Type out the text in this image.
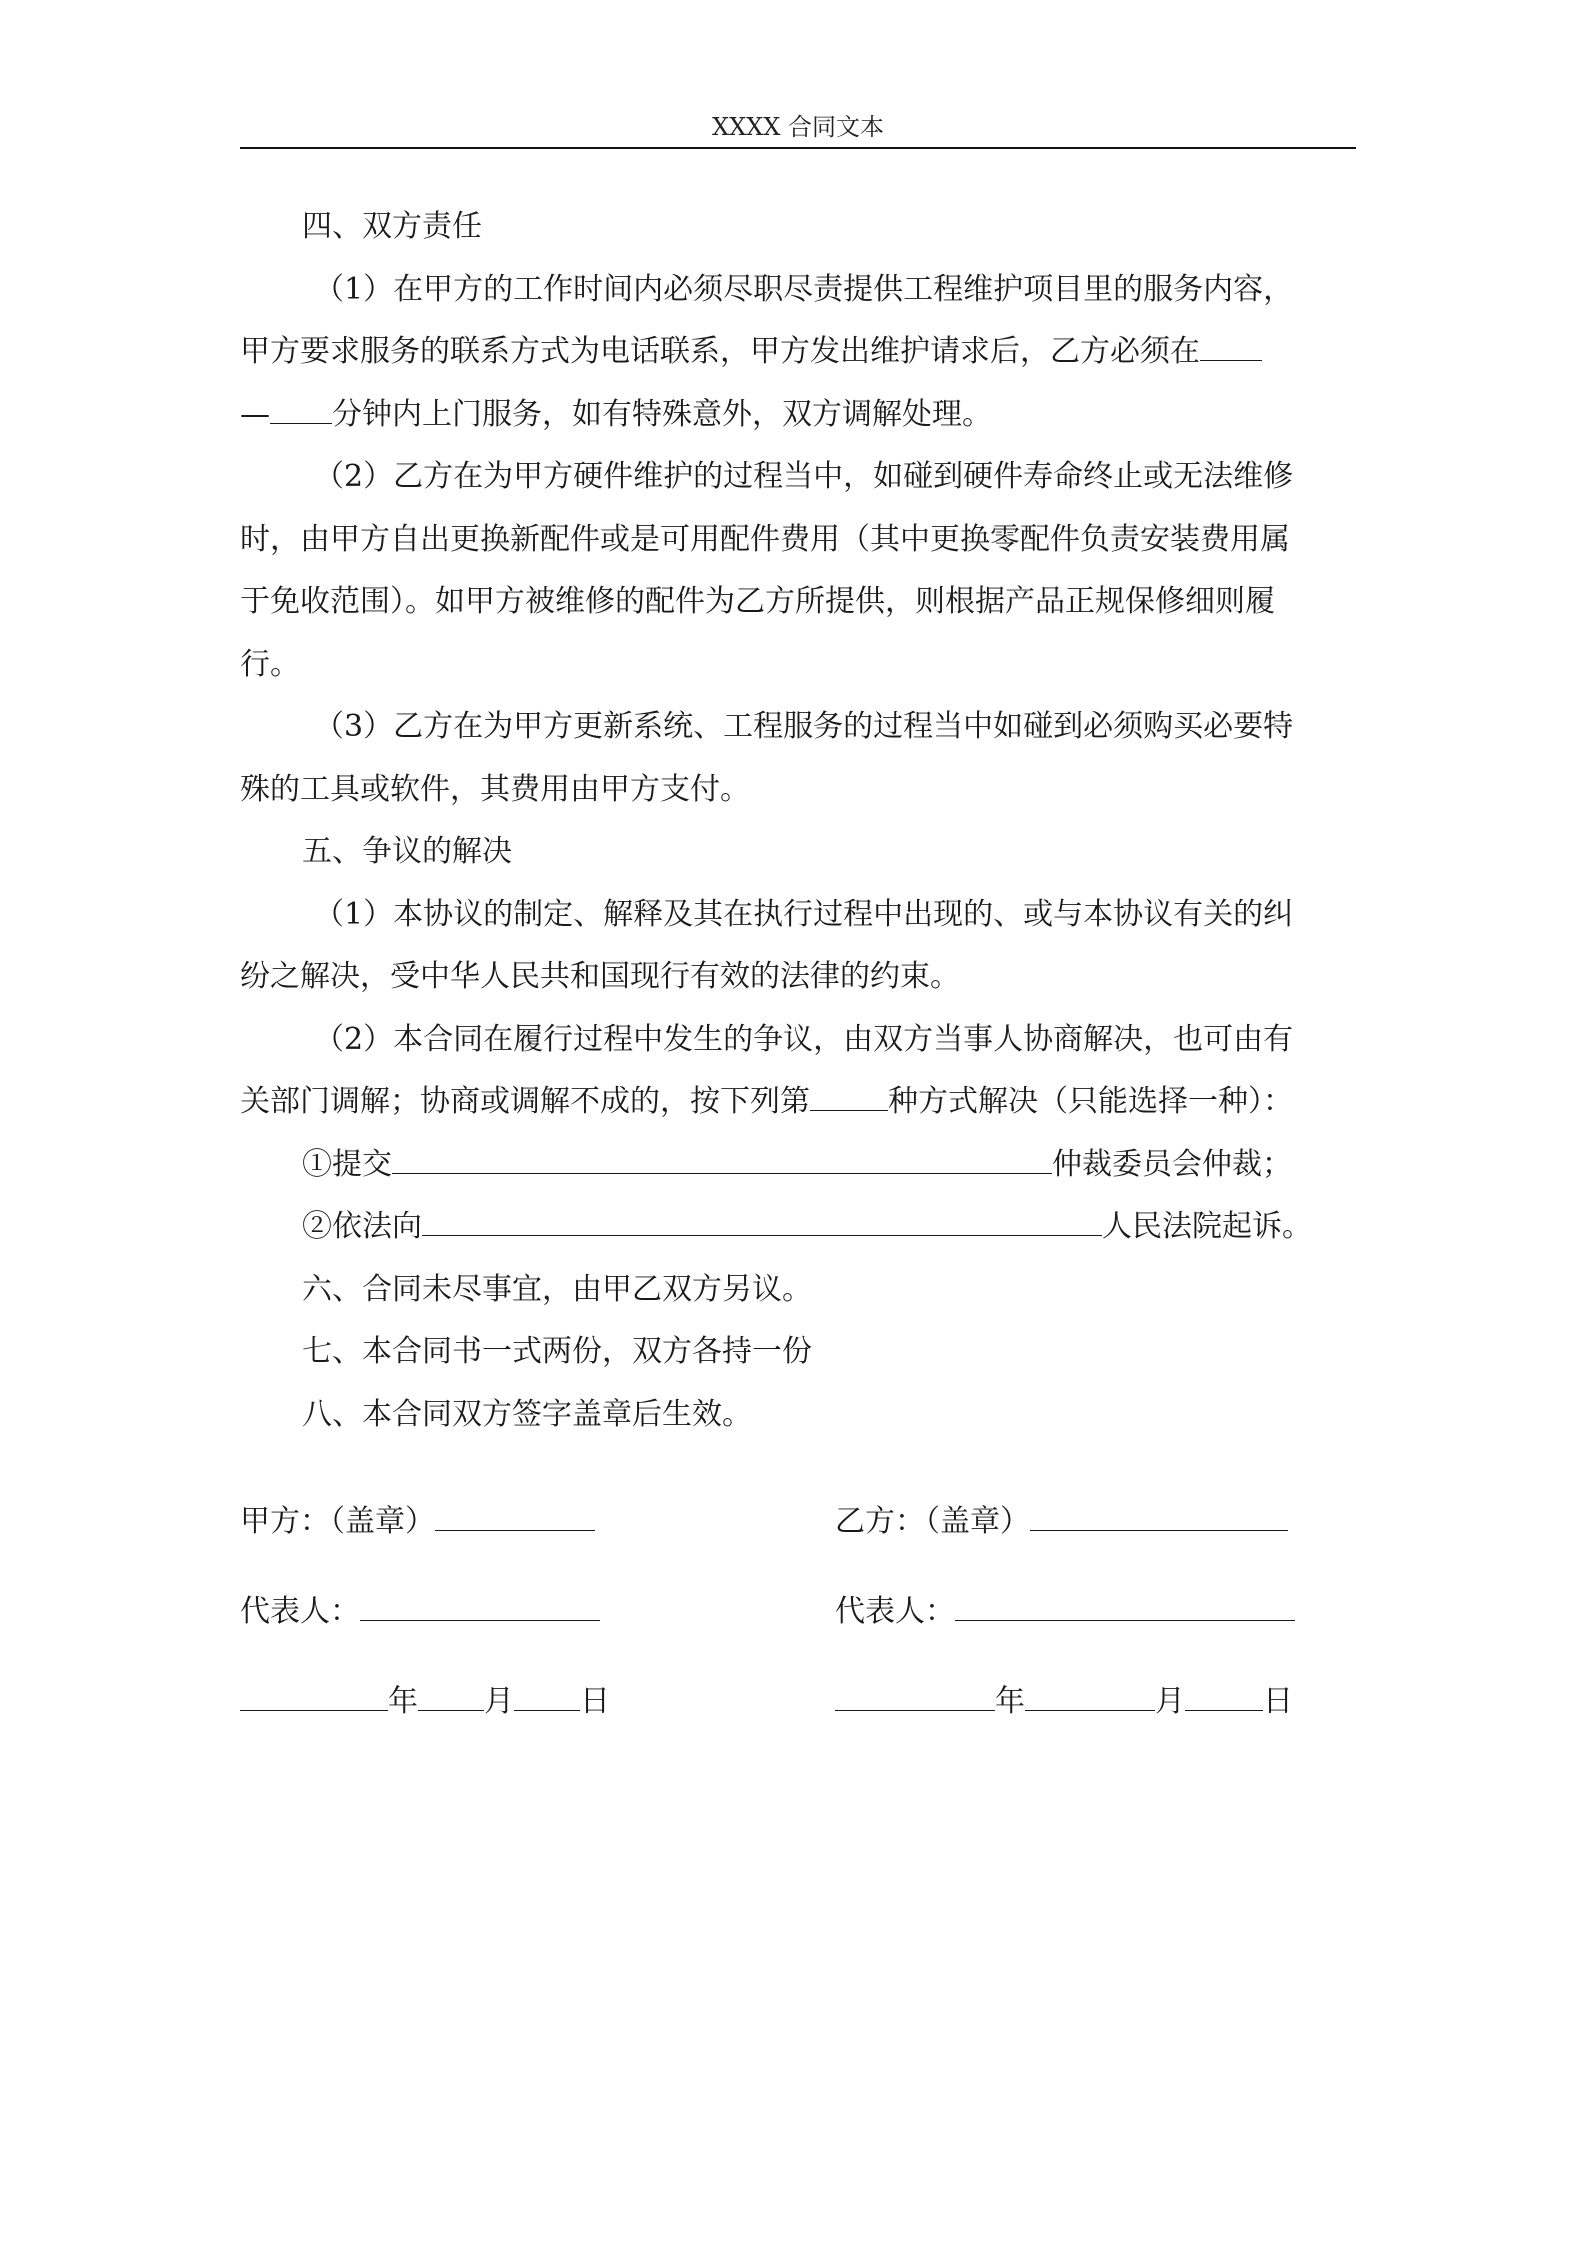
XXXX 合同文本

四、双方责任

（1）在甲方的工作时间内必须尽职尽责提供工程维护项目里的服务内容，

甲方要求服务的联系方式为电话联系，甲方发出维护请求后，乙方必须在
— 分钟内上门服务，如有特殊意外，双方调解处理。

（2）乙方在为甲方硬件维护的过程当中，如碰到硬件寿命终止或无法维修

时，由甲方自出更换新配件或是可用配件费用（其中更换零配件负责安装费用属

于免收范围）。如甲方被维修的配件为乙方所提供，则根据产品正规保修细则履

行。

（3）乙方在为甲方更新系统、工程服务的过程当中如碰到必须购买必要特

殊的工具或软件，其费用由甲方支付。

五、争议的解决

（1）本协议的制定、解释及其在执行过程中出现的、或与本协议有关的纠

纷之解决，受中华人民共和国现行有效的法律的约束。

（2）本合同在履行过程中发生的争议，由双方当事人协商解决，也可由有

关部门调解；协商或调解不成的，按下列第	种方式解决（只能选择一种）：
①提交	仲裁委员会仲裁；
②依法向	人民法院起诉。

六、合同未尽事宜，由甲乙双方另议。

七、本合同书一式两份，双方各持一份

八、本合同双方签字盖章后生效。

甲方：（盖章）	乙方：（盖章）
代表人：	代表人：
年 月 日	年	月	日
